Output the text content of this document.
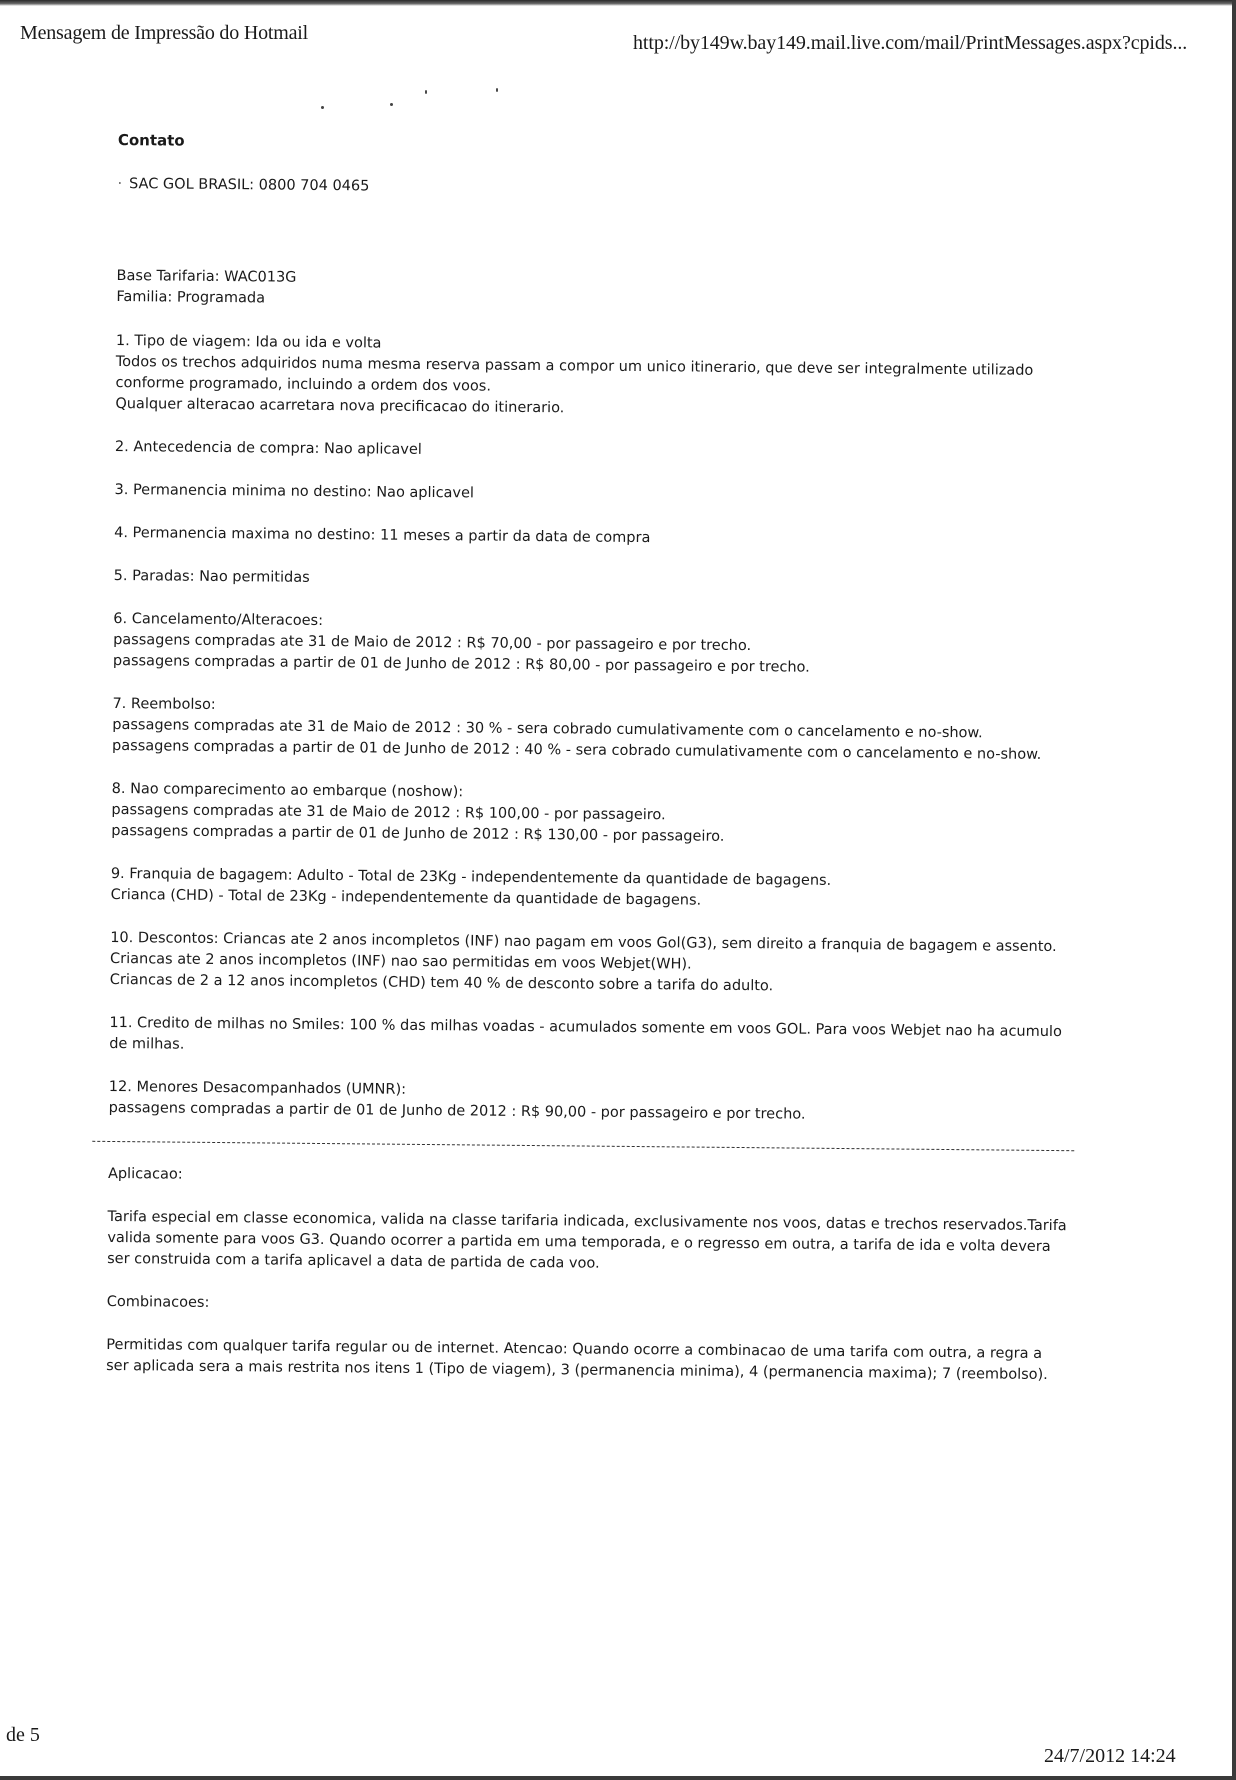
Mensagem de Impressão do Hotmail	http://by149w.bay149.mail.live.com/mail/PrintMessages.aspx?cpids...
Contato
· SAC GOL BRASIL: 0800 704 0465
Base Tarifaria: WAC013G
Familia: Programada
1. Tipo de viagem: Ida ou ida e volta
Todos os trechos adquiridos numa mesma reserva passam a compor um unico itinerario, que deve ser integralmente utilizado conforme programado, incluindo a ordem dos voos.
Qualquer alteracao acarretara nova precificacao do itinerario.
2. Antecedencia de compra: Nao aplicavel
3. Permanencia minima no destino: Nao aplicavel
4. Permanencia maxima no destino: 11 meses a partir da data de compra
5. Paradas: Nao permitidas
6. Cancelamento/Alteracoes:
passagens compradas ate 31 de Maio de 2012 : R$ 70,00 - por passageiro e por trecho.
passagens compradas a partir de 01 de Junho de 2012 : R$ 80,00 - por passageiro e por trecho.
7. Reembolso:
passagens compradas ate 31 de Maio de 2012 : 30 % - sera cobrado cumulativamente com o cancelamento e no-show.
passagens compradas a partir de 01 de Junho de 2012 : 40 % - sera cobrado cumulativamente com o cancelamento e no-show.
8. Nao comparecimento ao embarque (noshow):
passagens compradas ate 31 de Maio de 2012 : R$ 100,00 - por passageiro.
passagens compradas a partir de 01 de Junho de 2012 : R$ 130,00 - por passageiro.
9. Franquia de bagagem: Adulto - Total de 23Kg - independentemente da quantidade de bagagens.
Crianca (CHD) - Total de 23Kg - independentemente da quantidade de bagagens.
10. Descontos: Criancas ate 2 anos incompletos (INF) nao pagam em voos Gol(G3), sem direito a franquia de bagagem e assento.
Criancas ate 2 anos incompletos (INF) nao sao permitidas em voos Webjet(WH).
Criancas de 2 a 12 anos incompletos (CHD) tem 40 % de desconto sobre a tarifa do adulto.
11. Credito de milhas no Smiles: 100 % das milhas voadas - acumulados somente em voos GOL. Para voos Webjet nao ha acumulo de milhas.
12. Menores Desacompanhados (UMNR):
passagens compradas a partir de 01 de Junho de 2012 : R$ 90,00 - por passageiro e por trecho.
Aplicacao:
Tarifa especial em classe economica, valida na classe tarifaria indicada, exclusivamente nos voos, datas e trechos reservados.Tarifa valida somente para voos G3. Quando ocorrer a partida em uma temporada, e o regresso em outra, a tarifa de ida e volta devera ser construida com a tarifa aplicavel a data de partida de cada voo.
Combinacoes:
Permitidas com qualquer tarifa regular ou de internet. Atencao: Quando ocorre a combinacao de uma tarifa com outra, a regra a ser aplicada sera a mais restrita nos itens 1 (Tipo de viagem), 3 (permanencia minima), 4 (permanencia maxima); 7 (reembolso).
de 5
24/7/2012 14:24
